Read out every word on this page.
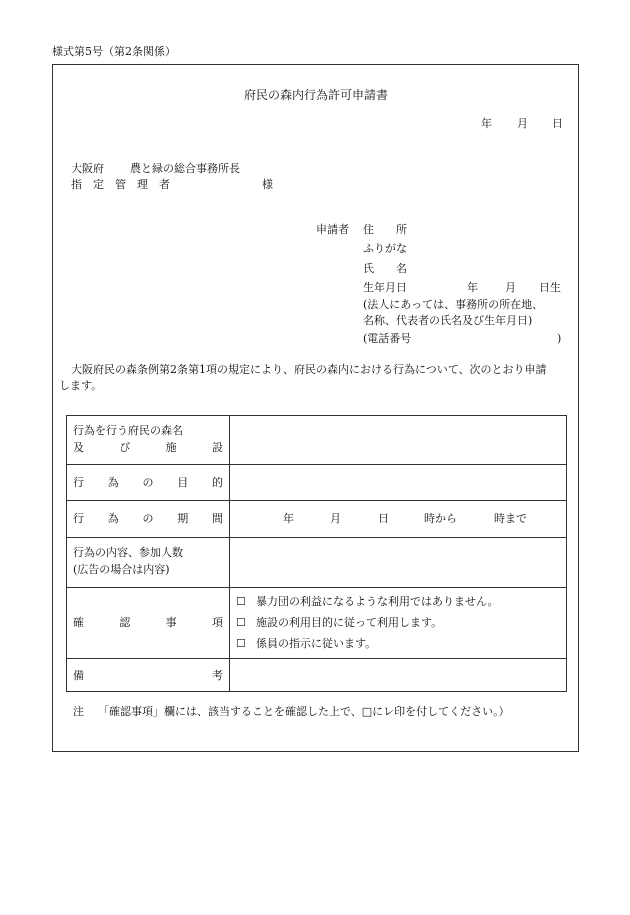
様式第5号（第2条関係）
府民の森内行為許可申請書
年 月 日
大阪府 農と緑の総合事務所長
指　定　管　理　者	様
申請者 住　　所
ふりがな
氏　　名
生年月日	年 月 日生
(法人にあっては、事務所の所在地、
名称、代表者の氏名及び生年月日)
(電話番号	)
大阪府民の森条例第2条第1項の規定により、府民の森内における行為について、次のとおり申請
します。
行為を行う府民の森名
及	び	施	設
行 為 の 目 的
行 為 の 期 間	年	月	日	時から	時まで
行為の内容、参加人数
(広告の場合は内容)
確	認	事	項
☐ 暴力団の利益になるような利用ではありません。
☐ 施設の利用目的に従って利用します。
☐ 係員の指示に従います。
備	考
注 「確認事項」欄には、該当することを確認した上で、□にレ印を付してください。）
